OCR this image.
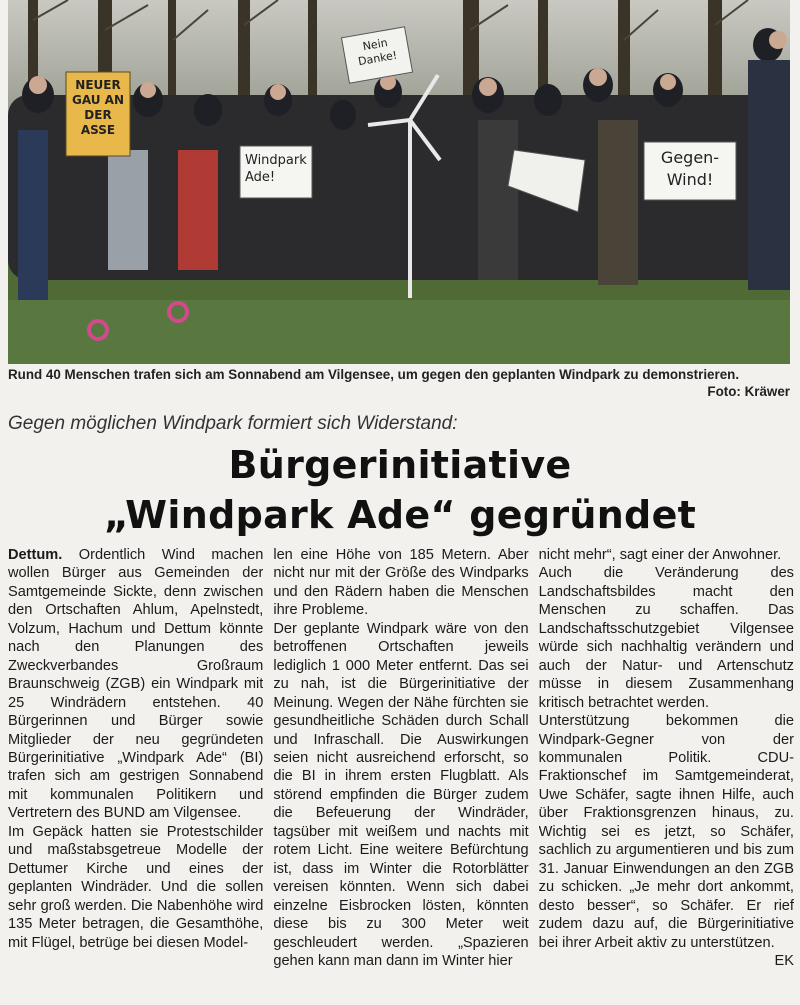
NEUER GAU AN DER ASSE
Nein Danke!
Windpark Ade!
Gegen-Wind!
Rund 40 Menschen trafen sich am Sonnabend am Vilgensee, um gegen den geplanten Windpark zu demonstrieren.
Foto: Kräwer
Gegen möglichen Windpark formiert sich Widerstand:
Bürgerinitiative
„Windpark Ade“ gegründet

Dettum. Ordentlich Wind machen wollen Bürger aus Gemeinden der Samtgemeinde Sickte, denn zwischen den Ortschaften Ahlum, Apelnstedt, Volzum, Hachum und Dettum könnte nach den Planungen des Zweckverbandes Großraum Braunschweig (ZGB) ein Windpark mit 25 Windrädern entstehen. 40 Bürgerinnen und Bürger sowie Mitglieder der neu gegründeten Bürgerinitiative „Windpark Ade“ (BI) trafen sich am gestrigen Sonnabend mit kommunalen Politikern und Vertretern des BUND am Vilgensee.

Im Gepäck hatten sie Protestschilder und maßstabsgetreue Modelle der Dettumer Kirche und eines der geplanten Windräder. Und die sollen sehr groß werden. Die Nabenhöhe wird 135 Meter betragen, die Gesamthöhe, mit Flügel, betrüge bei diesen Model-

len eine Höhe von 185 Metern. Aber nicht nur mit der Größe des Windparks und den Rädern haben die Menschen ihre Probleme.

Der geplante Windpark wäre von den betroffenen Ortschaften jeweils lediglich 1 000 Meter entfernt. Das sei zu nah, ist die Bürgerinitiative der Meinung. Wegen der Nähe fürchten sie gesundheitliche Schäden durch Schall und Infraschall. Die Auswirkungen seien nicht ausreichend erforscht, so die BI in ihrem ersten Flugblatt. Als störend empfinden die Bürger zudem die Befeuerung der Windräder, tagsüber mit weißem und nachts mit rotem Licht. Eine weitere Befürchtung ist, dass im Winter die Rotorblätter vereisen könnten. Wenn sich dabei einzelne Eisbrocken lösten, könnten diese bis zu 300 Meter weit geschleudert werden. „Spazieren gehen kann man dann im Winter hier

nicht mehr“, sagt einer der Anwohner.

Auch die Veränderung des Landschaftsbildes macht den Menschen zu schaffen. Das Landschaftsschutzgebiet Vilgensee würde sich nachhaltig verändern und auch der Natur- und Artenschutz müsse in diesem Zusammenhang kritisch betrachtet werden.

Unterstützung bekommen die Windpark-Gegner von der kommunalen Politik. CDU-Fraktionschef im Samtgemeinderat, Uwe Schäfer, sagte ihnen Hilfe, auch über Fraktionsgrenzen hinaus, zu. Wichtig sei es jetzt, so Schäfer, sachlich zu argumentieren und bis zum 31. Januar Einwendungen an den ZGB zu schicken. „Je mehr dort ankommt, desto besser“, so Schäfer. Er rief zudem dazu auf, die Bürgerinitiative bei ihrer Arbeit aktiv zu unterstützen.
EK
